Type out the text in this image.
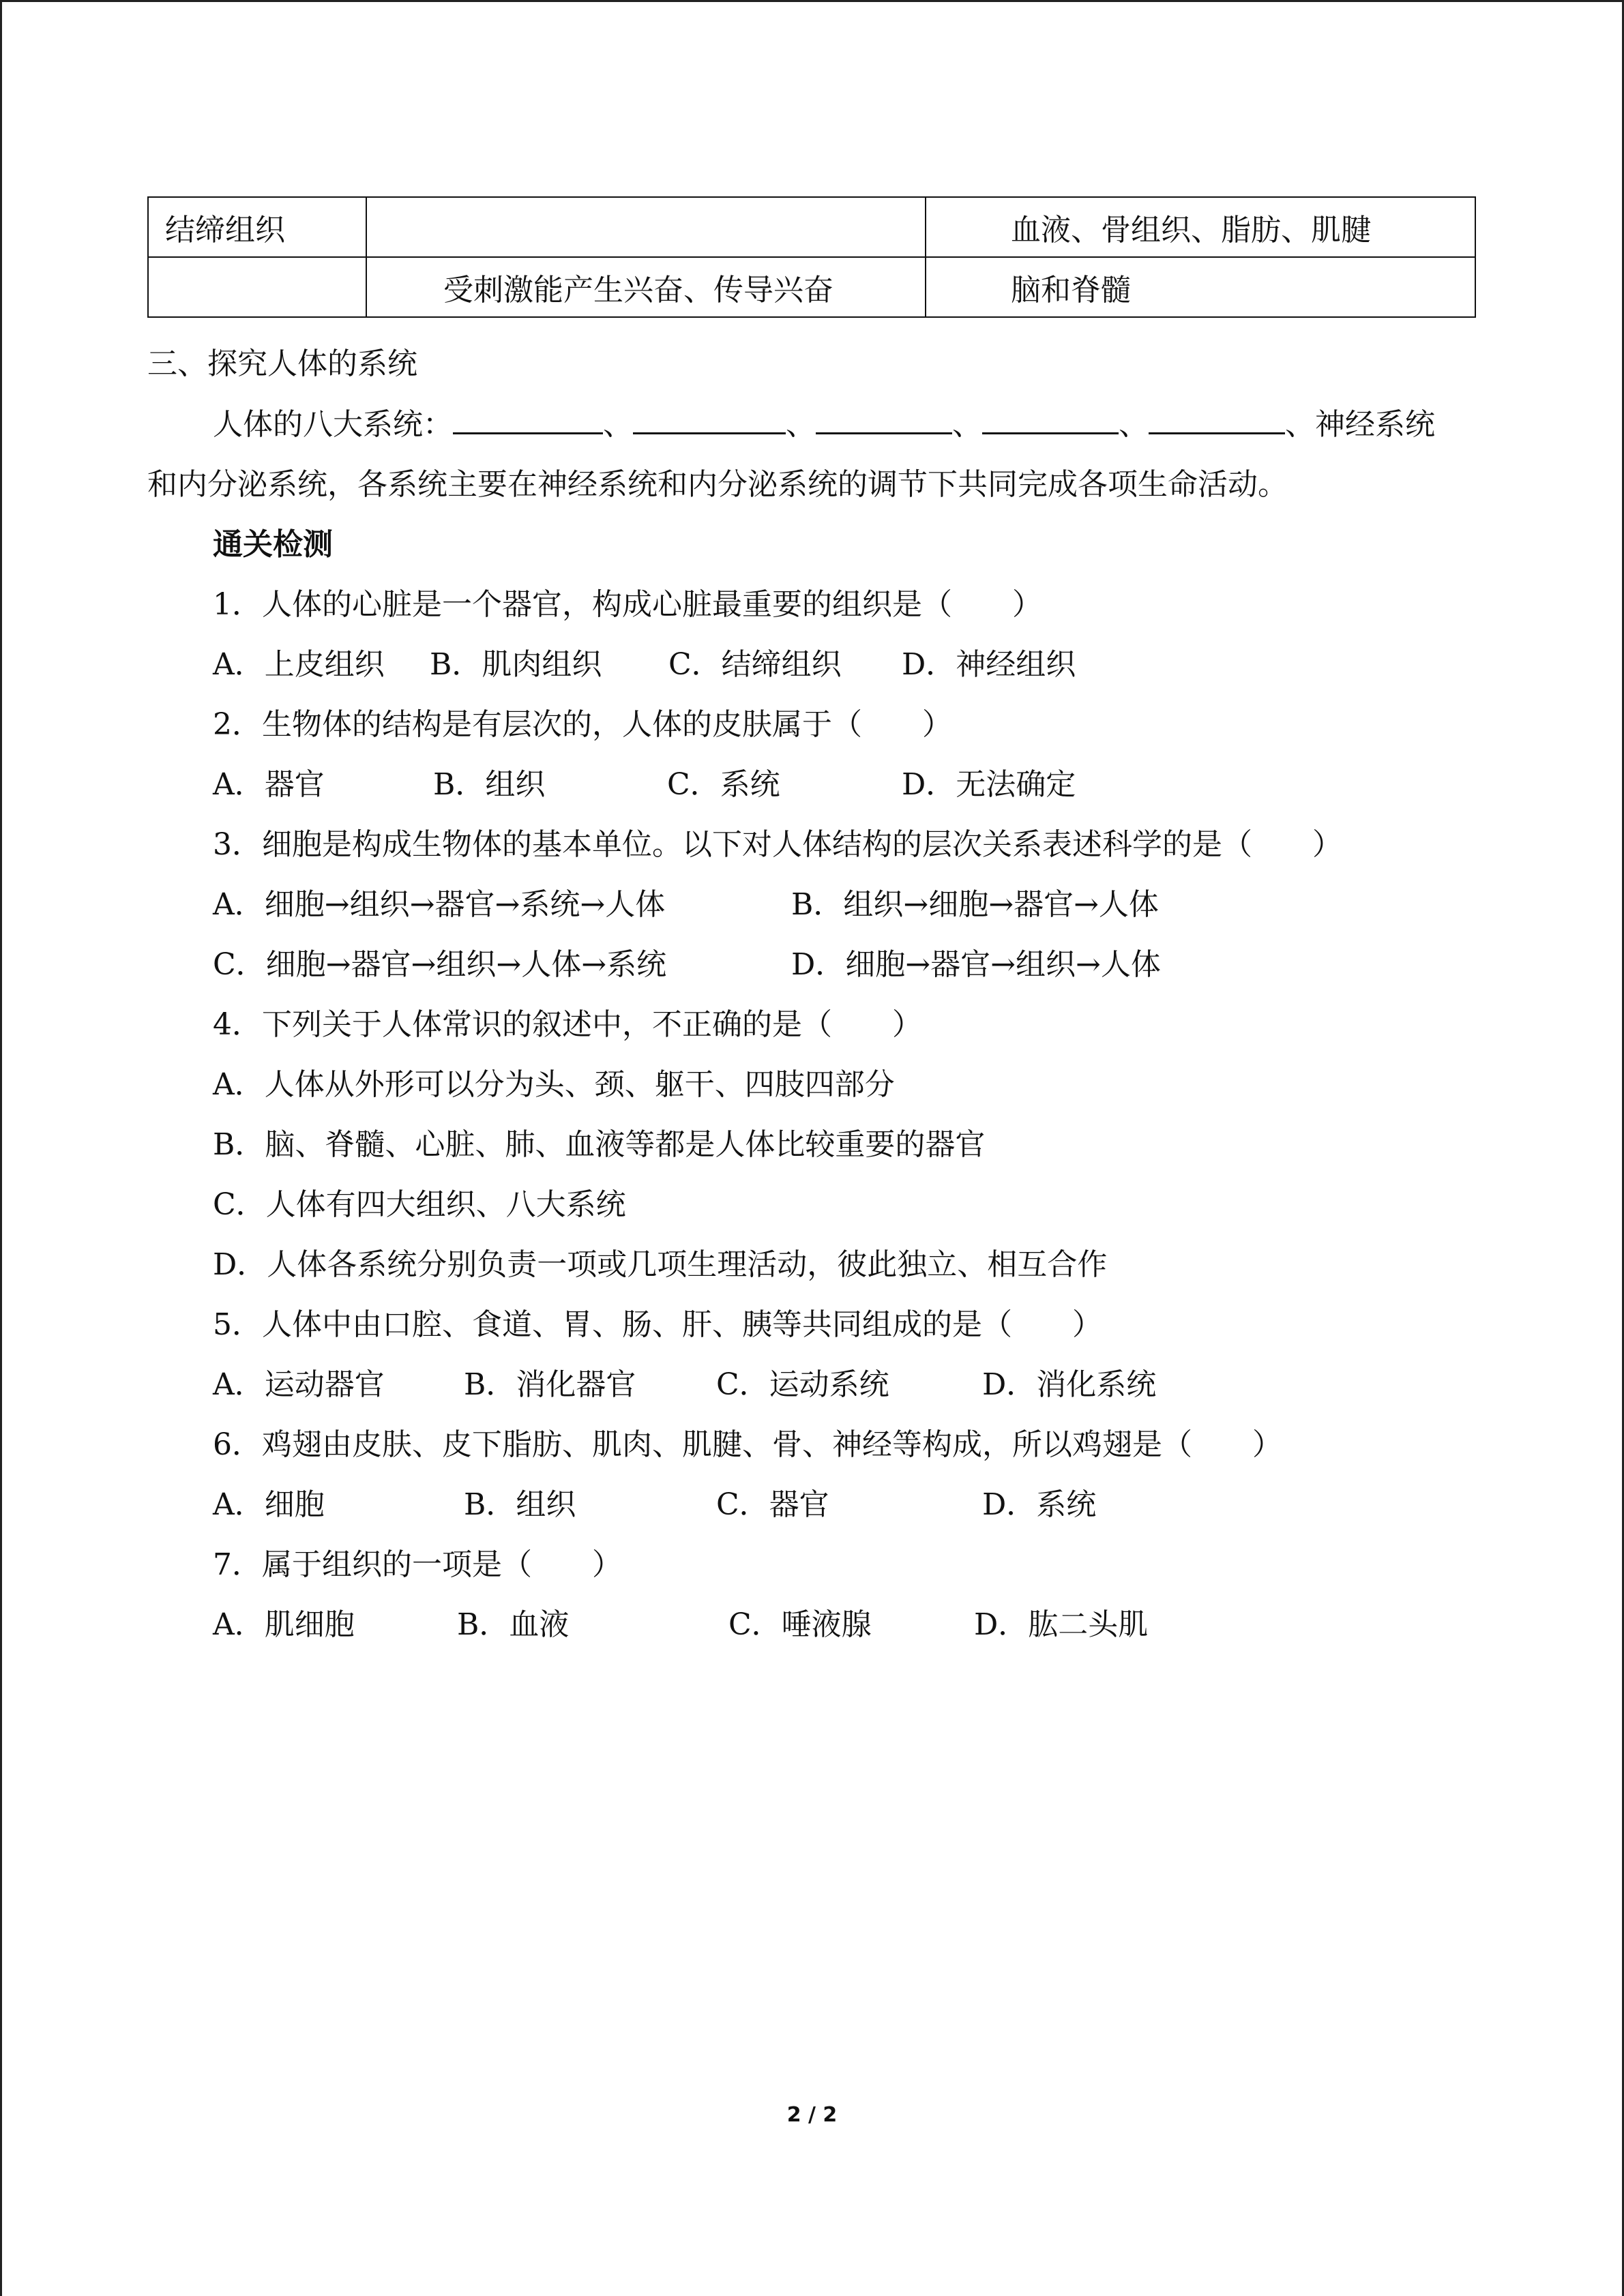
结缔组织		血液、骨组织、脂肪、肌腱
	受刺激能产生兴奋、传导兴奋	脑和脊髓
三、探究人体的系统
人体的八大系统：	、	、	、	、	、神经系统
和内分泌系统，各系统主要在神经系统和内分泌系统的调节下共同完成各项生命活动。
通关检测
1．人体的心脏是一个器官，构成心脏最重要的组织是（　　）
A．上皮组织 B．肌肉组织 C．结缔组织 D．神经组织
2．生物体的结构是有层次的，人体的皮肤属于（　　）
A．器官	B．组织	C．系统	D．无法确定
3．细胞是构成生物体的基本单位。以下对人体结构的层次关系表述科学的是（　　）
A．细胞→组织→器官→系统→人体	B．组织→细胞→器官→人体
C．细胞→器官→组织→人体→系统	D．细胞→器官→组织→人体
4．下列关于人体常识的叙述中，不正确的是（　　）
A．人体从外形可以分为头、颈、躯干、四肢四部分
B．脑、脊髓、心脏、肺、血液等都是人体比较重要的器官
C．人体有四大组织、八大系统
D．人体各系统分别负责一项或几项生理活动，彼此独立、相互合作
5．人体中由口腔、食道、胃、肠、肝、胰等共同组成的是（　　）
A．运动器官	B．消化器官	C．运动系统	D．消化系统
6．鸡翅由皮肤、皮下脂肪、肌肉、肌腱、骨、神经等构成，所以鸡翅是（　　）
A．细胞	B．组织	C．器官	D．系统
7．属于组织的一项是（　　）
A．肌细胞	B．血液	C．唾液腺	D．肱二头肌
2 / 2
